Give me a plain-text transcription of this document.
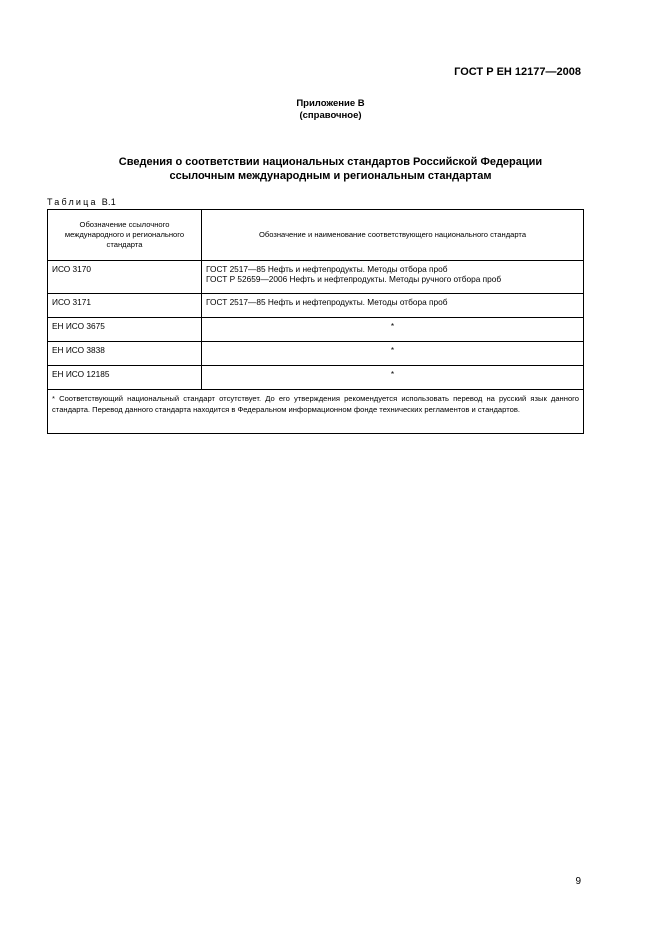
ГОСТ Р ЕН 12177—2008
Приложение В
(справочное)
Сведения о соответствии национальных стандартов Российской Федерации
ссылочным международным и региональным стандартам
Таблица В.1
Обозначение ссылочного международного и регионального стандарта	Обозначение и наименование соответствующего национального стандарта
ИСО 3170	ГОСТ 2517—85 Нефть и нефтепродукты. Методы отбора проб
ГОСТ Р 52659—2006 Нефть и нефтепродукты. Методы ручного отбора проб

ИСО 3171	ГОСТ 2517—85 Нефть и нефтепродукты. Методы отбора проб
ЕН ИСО 3675	*
ЕН ИСО 3838	*
ЕН ИСО 12185	*
* Соответствующий национальный стандарт отсутствует. До его утверждения рекомендуется использовать перевод на русский язык данного стандарта. Перевод данного стандарта находится в Федеральном информационном фонде технических регламентов и стандартов.	
9
